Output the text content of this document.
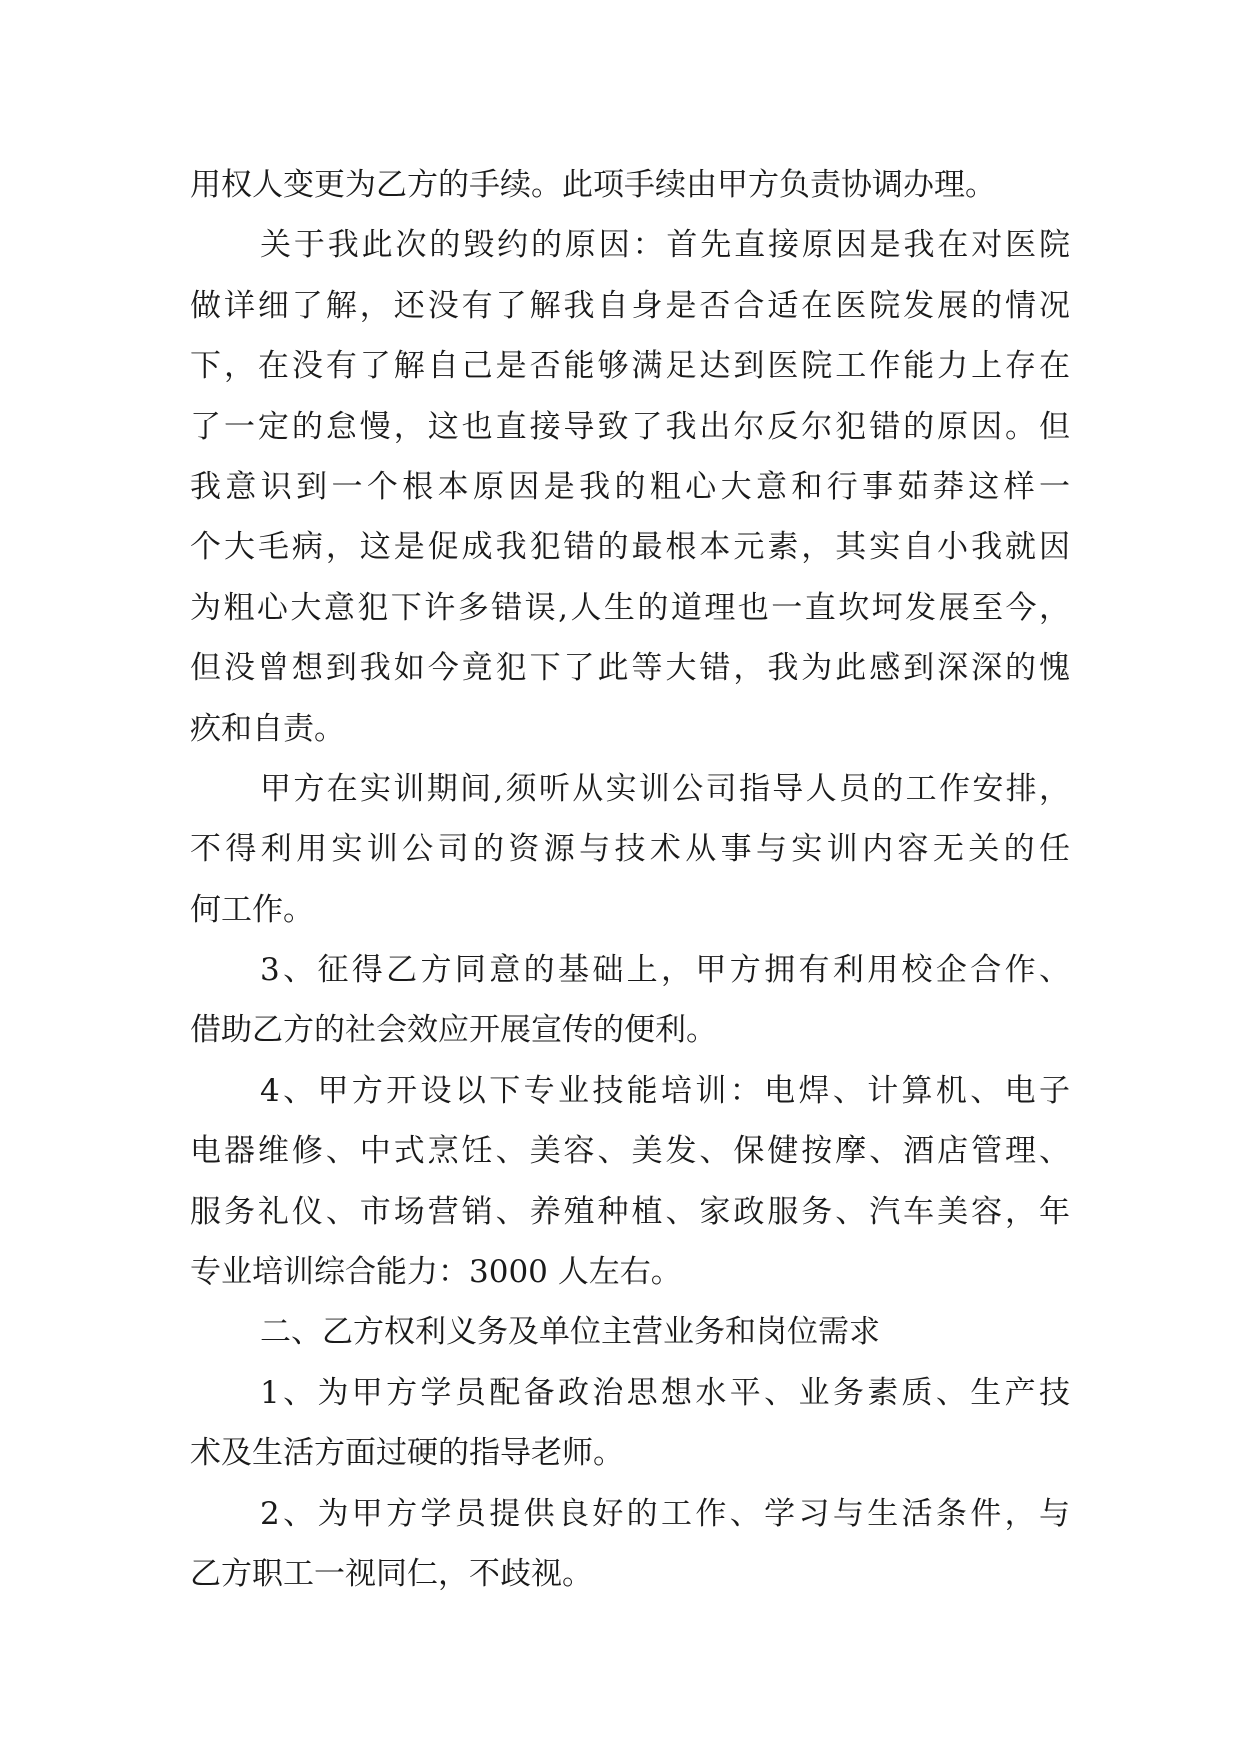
用权人变更为乙方的手续。此项手续由甲方负责协调办理。
关于我此次的毁约的原因：首先直接原因是我在对医院
做详细了解，还没有了解我自身是否合适在医院发展的情况
下，在没有了解自己是否能够满足达到医院工作能力上存在
了一定的怠慢，这也直接导致了我出尔反尔犯错的原因。但
我意识到一个根本原因是我的粗心大意和行事茹莽这样一
个大毛病，这是促成我犯错的最根本元素，其实自小我就因
为粗心大意犯下许多错误,人生的道理也一直坎坷发展至今，
但没曾想到我如今竟犯下了此等大错，我为此感到深深的愧
疚和自责。
甲方在实训期间,须听从实训公司指导人员的工作安排，
不得利用实训公司的资源与技术从事与实训内容无关的任
何工作。
3、征得乙方同意的基础上，甲方拥有利用校企合作、
借助乙方的社会效应开展宣传的便利。
4、甲方开设以下专业技能培训：电焊、计算机、电子
电器维修、中式烹饪、美容、美发、保健按摩、酒店管理、
服务礼仪、市场营销、养殖种植、家政服务、汽车美容，年
专业培训综合能力：3000 人左右。
二、乙方权利义务及单位主营业务和岗位需求
1、为甲方学员配备政治思想水平、业务素质、生产技
术及生活方面过硬的指导老师。
2、为甲方学员提供良好的工作、学习与生活条件，与
乙方职工一视同仁，不歧视。
